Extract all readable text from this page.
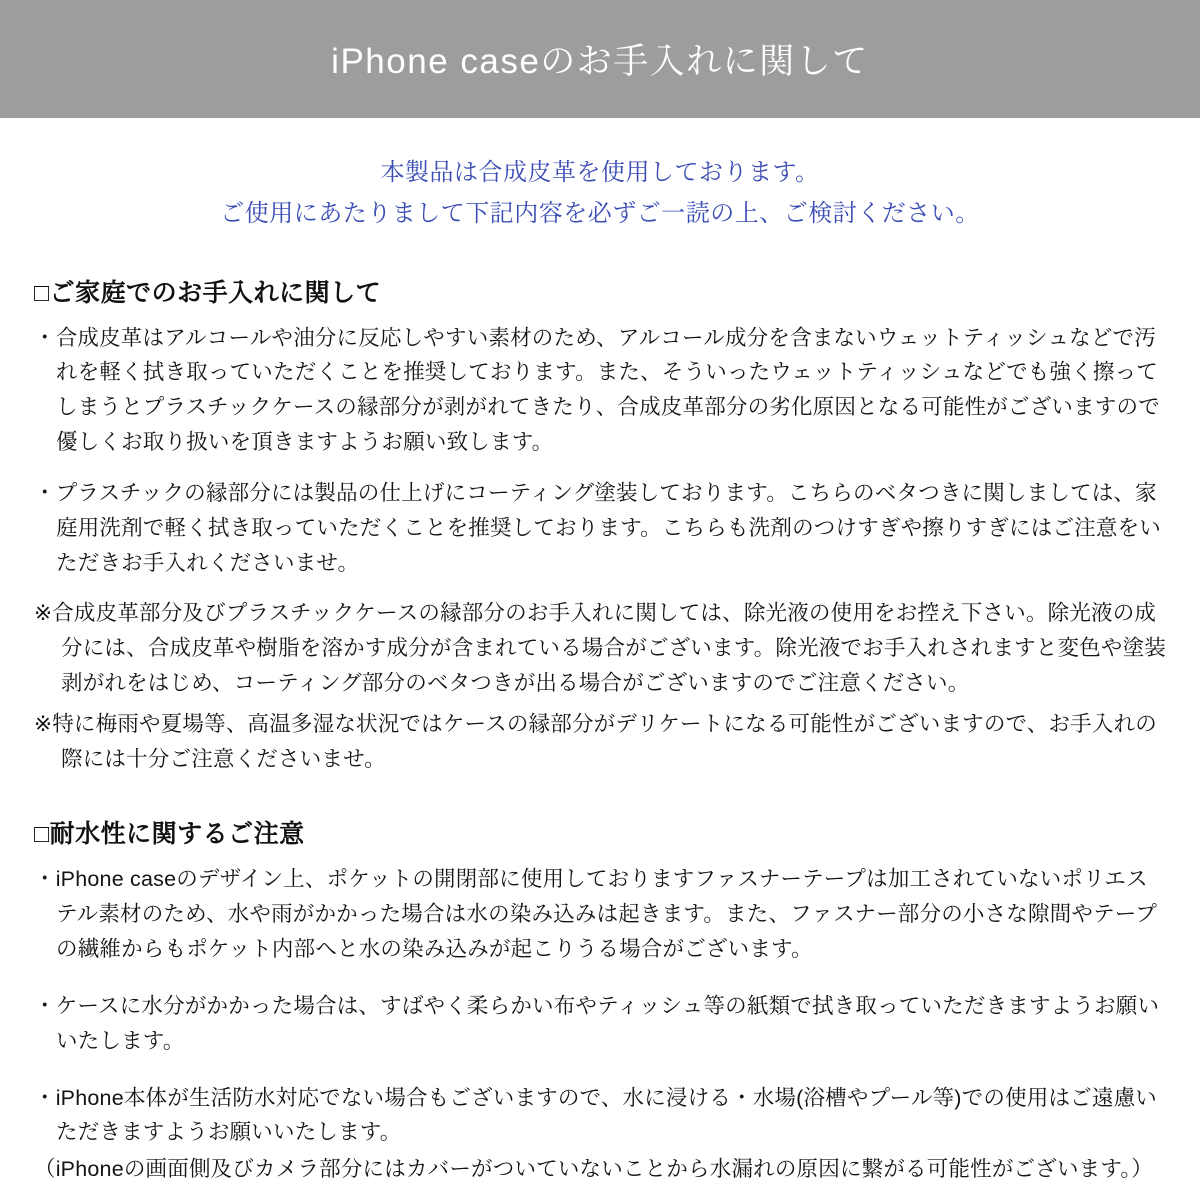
iPhone caseのお手入れに関して
本製品は合成皮革を使用しております。
ご使用にあたりまして下記内容を必ずご一読の上、ご検討ください。
□ご家庭でのお手入れに関して
・合成皮革はアルコールや油分に反応しやすい素材のため、アルコール成分を含まないウェットティッシュなどで汚れを軽く拭き取っていただくことを推奨しております。また、そういったウェットティッシュなどでも強く擦ってしまうとプラスチックケースの縁部分が剥がれてきたり、合成皮革部分の劣化原因となる可能性がございますので優しくお取り扱いを頂きますようお願い致します。
・プラスチックの縁部分には製品の仕上げにコーティング塗装しております。こちらのベタつきに関しましては、家庭用洗剤で軽く拭き取っていただくことを推奨しております。こちらも洗剤のつけすぎや擦りすぎにはご注意をいただきお手入れくださいませ。
※合成皮革部分及びプラスチックケースの縁部分のお手入れに関しては、除光液の使用をお控え下さい。除光液の成分には、合成皮革や樹脂を溶かす成分が含まれている場合がございます。除光液でお手入れされますと変色や塗装剥がれをはじめ、コーティング部分のベタつきが出る場合がございますのでご注意ください。
※特に梅雨や夏場等、高温多湿な状況ではケースの縁部分がデリケートになる可能性がございますので、お手入れの際には十分ご注意くださいませ。
□耐水性に関するご注意
・iPhone caseのデザイン上、ポケットの開閉部に使用しておりますファスナーテープは加工されていないポリエステル素材のため、水や雨がかかった場合は水の染み込みは起きます。また、ファスナー部分の小さな隙間やテープの繊維からもポケット内部へと水の染み込みが起こりうる場合がございます。
・ケースに水分がかかった場合は、すばやく柔らかい布やティッシュ等の紙類で拭き取っていただきますようお願いいたします。
・iPhone本体が生活防水対応でない場合もございますので、水に浸ける・水場(浴槽やプール等)での使用はご遠慮いただきますようお願いいたします。
（iPhoneの画面側及びカメラ部分にはカバーがついていないことから水漏れの原因に繋がる可能性がございます。）
